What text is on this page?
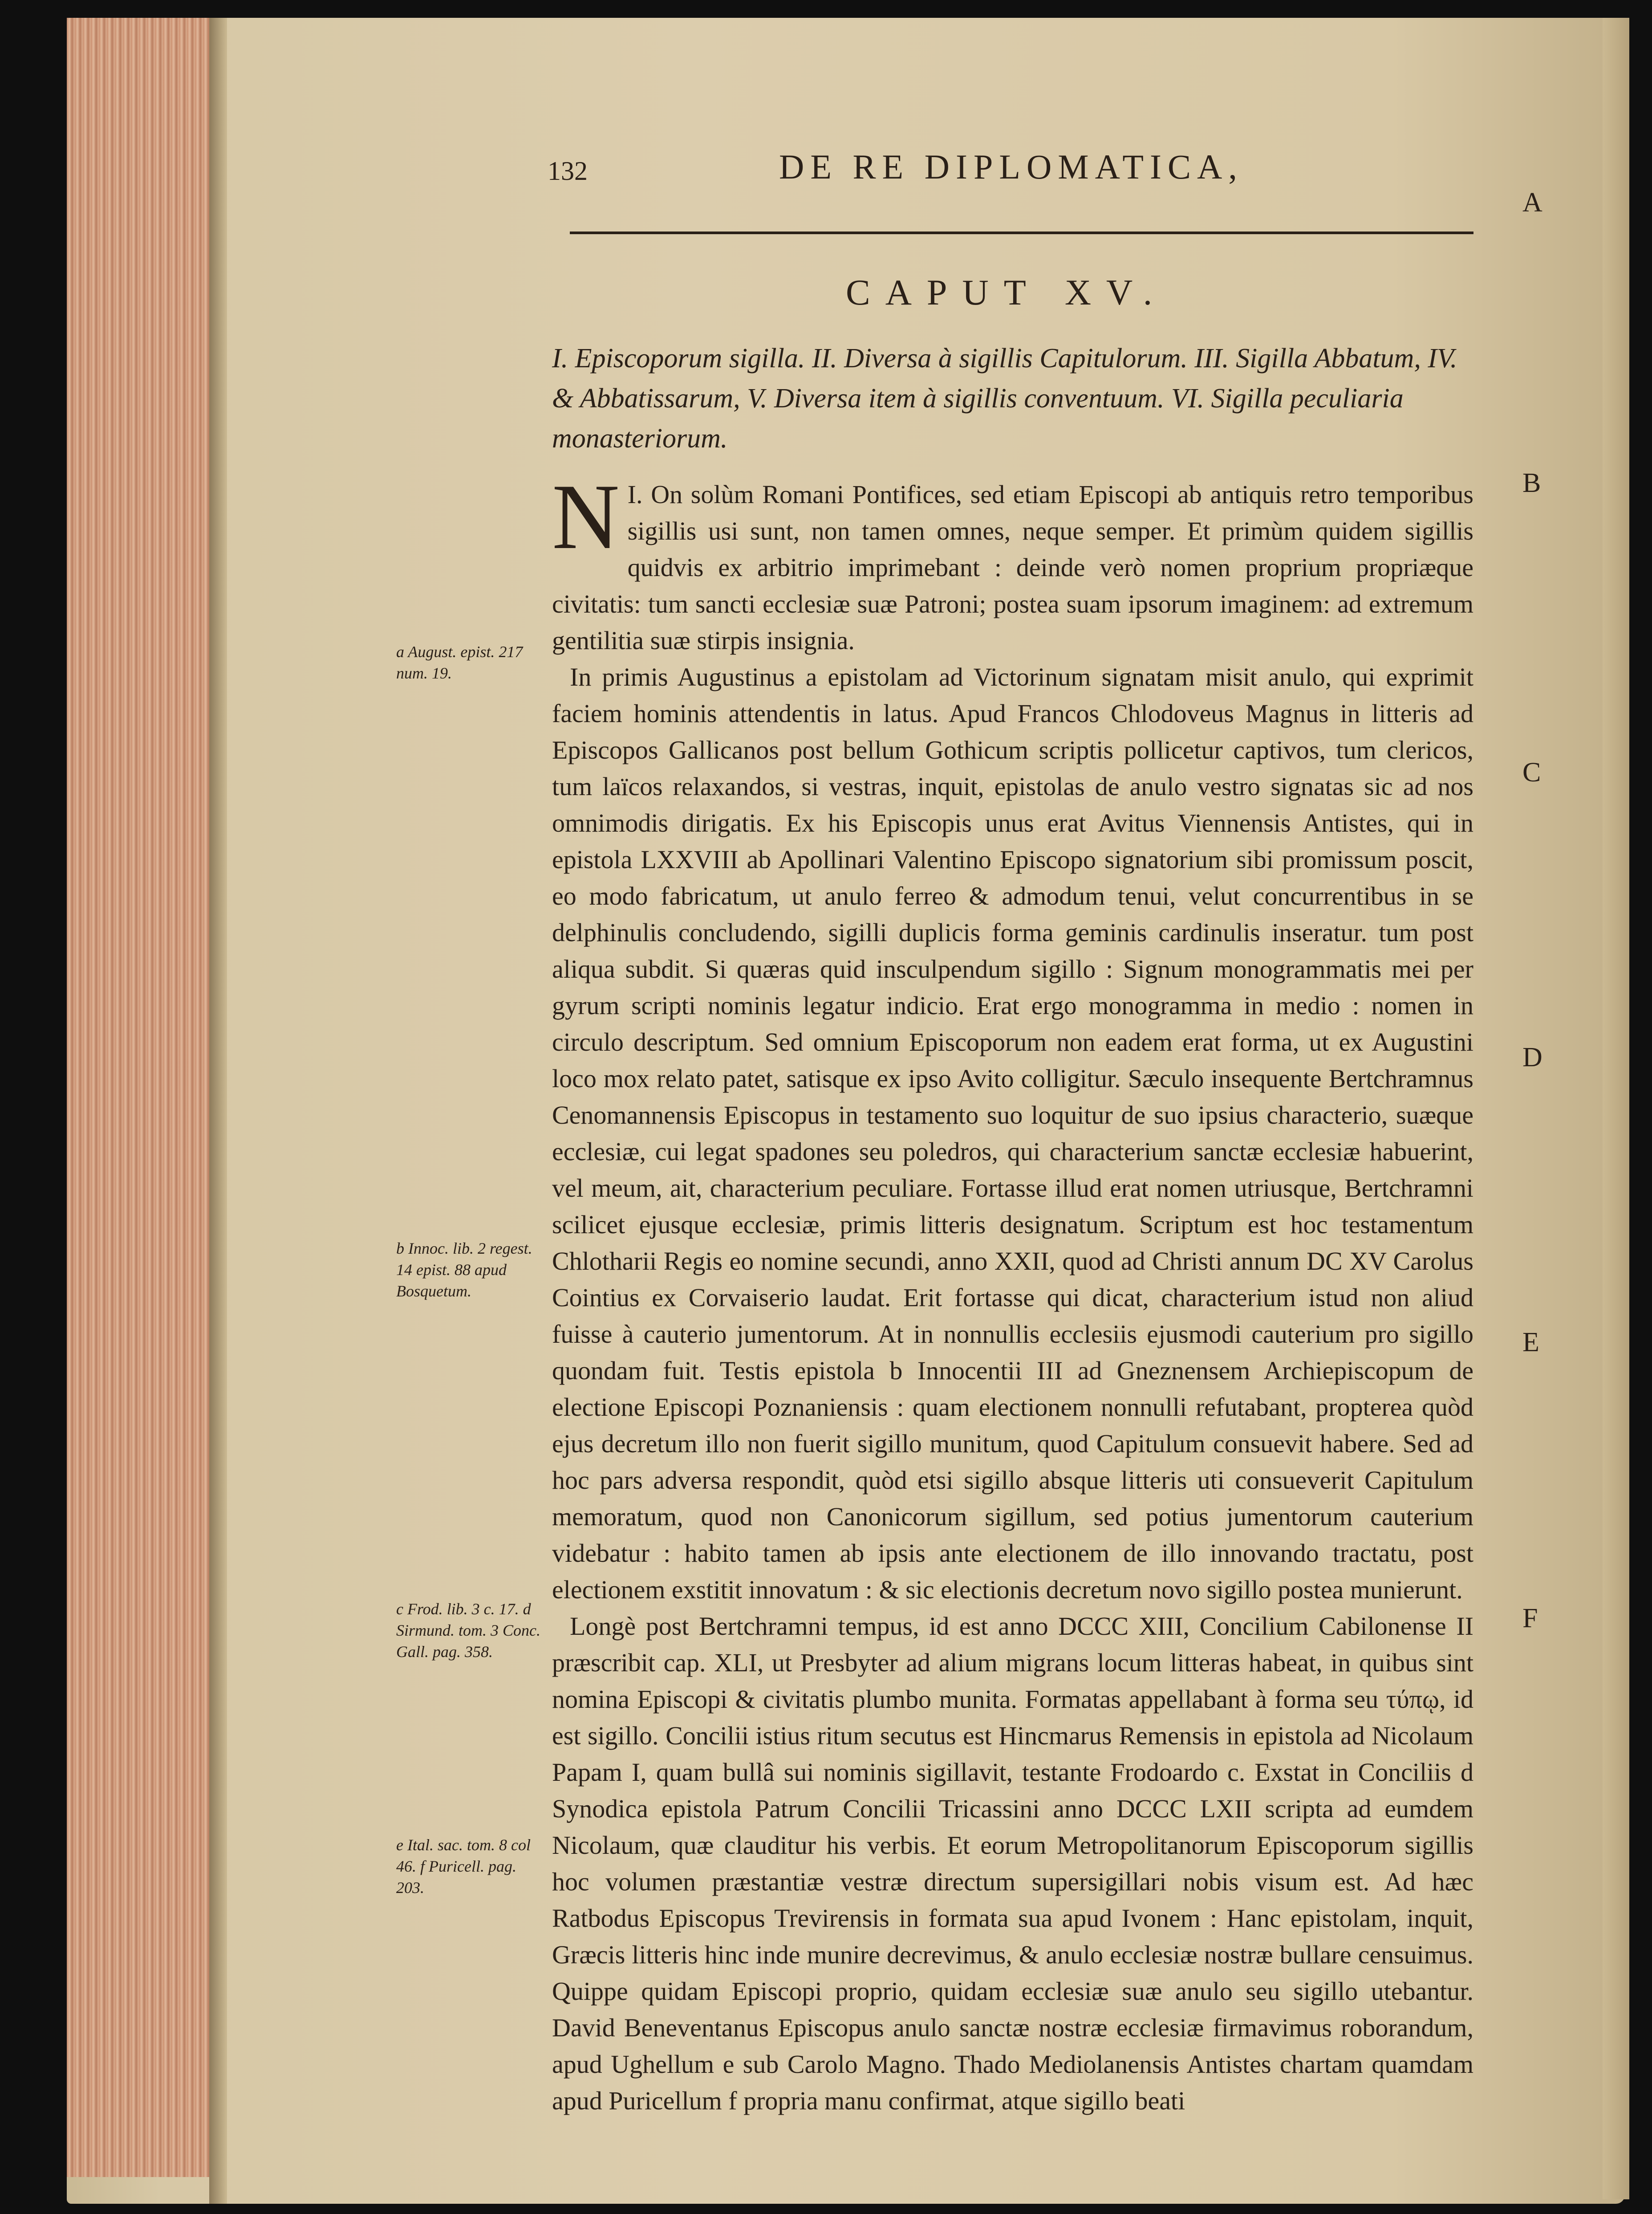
132	DE RE DIPLOMATICA,
CAPUT XV.
A
B
C
D
E
F
I. Episcoporum sigilla. II. Diversa à sigillis Capitulorum. III. Sigilla Abbatum, IV. & Abbatissarum, V. Diversa item à sigillis conventuum. VI. Sigilla peculiaria monasteriorum.

I.
N On solùm Romani Pontifices, sed etiam Episcopi ab antiquis retro temporibus sigillis usi sunt, non tamen omnes, neque semper. Et primùm quidem sigillis quidvis ex arbitrio imprimebant : deinde verò nomen proprium propriæque civitatis: tum sancti ecclesiæ suæ Patroni; postea suam ipsorum imaginem: ad extremum gentilitia suæ stirpis insignia.

In primis Augustinus a epistolam ad Victorinum signatam misit anulo, qui exprimit faciem hominis attendentis in latus. Apud Francos Chlodoveus Magnus in litteris ad Episcopos Gallicanos post bellum Gothicum scriptis pollicetur captivos, tum clericos, tum laïcos relaxandos, si vestras, inquit, epistolas de anulo vestro signatas sic ad nos omnimodis dirigatis. Ex his Episcopis unus erat Avitus Viennensis Antistes, qui in epistola LXXVIII ab Apollinari Valentino Episcopo signatorium sibi promissum poscit, eo modo fabricatum, ut anulo ferreo & admodum tenui, velut concurrentibus in se delphinulis concludendo, sigilli duplicis forma geminis cardinulis inseratur. tum post aliqua subdit. Si quæras quid insculpendum sigillo : Signum monogrammatis mei per gyrum scripti nominis legatur indicio. Erat ergo monogramma in medio : nomen in circulo descriptum. Sed omnium Episcoporum non eadem erat forma, ut ex Augustini loco mox relato patet, satisque ex ipso Avito colligitur. Sæculo insequente Bertchramnus Cenomannensis Episcopus in testamento suo loquitur de suo ipsius characterio, suæque ecclesiæ, cui legat spadones seu poledros, qui characterium sanctæ ecclesiæ habuerint, vel meum, ait, characterium peculiare. Fortasse illud erat nomen utriusque, Bertchramni scilicet ejusque ecclesiæ, primis litteris designatum. Scriptum est hoc testamentum Chlotharii Regis eo nomine secundi, anno XXII, quod ad Christi annum DC XV Carolus Cointius ex Corvaiserio laudat. Erit fortasse qui dicat, characterium istud non aliud fuisse à cauterio jumentorum. At in nonnullis ecclesiis ejusmodi cauterium pro sigillo quondam fuit. Testis epistola b Innocentii III ad Gneznensem Archiepiscopum de electione Episcopi Poznaniensis : quam electionem nonnulli refutabant, propterea quòd ejus decretum illo non fuerit sigillo munitum, quod Capitulum consuevit habere. Sed ad hoc pars adversa respondit, quòd etsi sigillo absque litteris uti consueverit Capitulum memoratum, quod non Canonicorum sigillum, sed potius jumentorum cauterium videbatur : habito tamen ab ipsis ante electionem de illo innovando tractatu, post electionem exstitit innovatum : & sic electionis decretum novo sigillo postea munierunt.

Longè post Bertchramni tempus, id est anno DCCC XIII, Concilium Cabilonense II præscribit cap. XLI, ut Presbyter ad alium migrans locum litteras habeat, in quibus sint nomina Episcopi & civitatis plumbo munita. Formatas appellabant à forma seu τύπῳ, id est sigillo. Concilii istius ritum secutus est Hincmarus Remensis in epistola ad Nicolaum Papam I, quam bullâ sui nominis sigillavit, testante Frodoardo c. Exstat in Conciliis d Synodica epistola Patrum Concilii Tricassini anno DCCC LXII scripta ad eumdem Nicolaum, quæ clauditur his verbis. Et eorum Metropolitanorum Episcoporum sigillis hoc volumen præstantiæ vestræ directum supersigillari nobis visum est. Ad hæc Ratbodus Episcopus Trevirensis in formata sua apud Ivonem : Hanc epistolam, inquit, Græcis litteris hinc inde munire decrevimus, & anulo ecclesiæ nostræ bullare censuimus. Quippe quidam Episcopi proprio, quidam ecclesiæ suæ anulo seu sigillo utebantur. David Beneventanus Episcopus anulo sanctæ nostræ ecclesiæ firmavimus roborandum, apud Ughellum e sub Carolo Magno. Thado Mediolanensis Antistes chartam quamdam apud Puricellum f propria manu confirmat, atque sigillo beati

a August. epist. 217 num. 19.
b Innoc. lib. 2 regest. 14 epist. 88 apud Bosquetum.
c Frod. lib. 3 c. 17. d Sirmund. tom. 3 Conc. Gall. pag. 358.
e Ital. sac. tom. 8 col 46. f Puricell. pag. 203.
